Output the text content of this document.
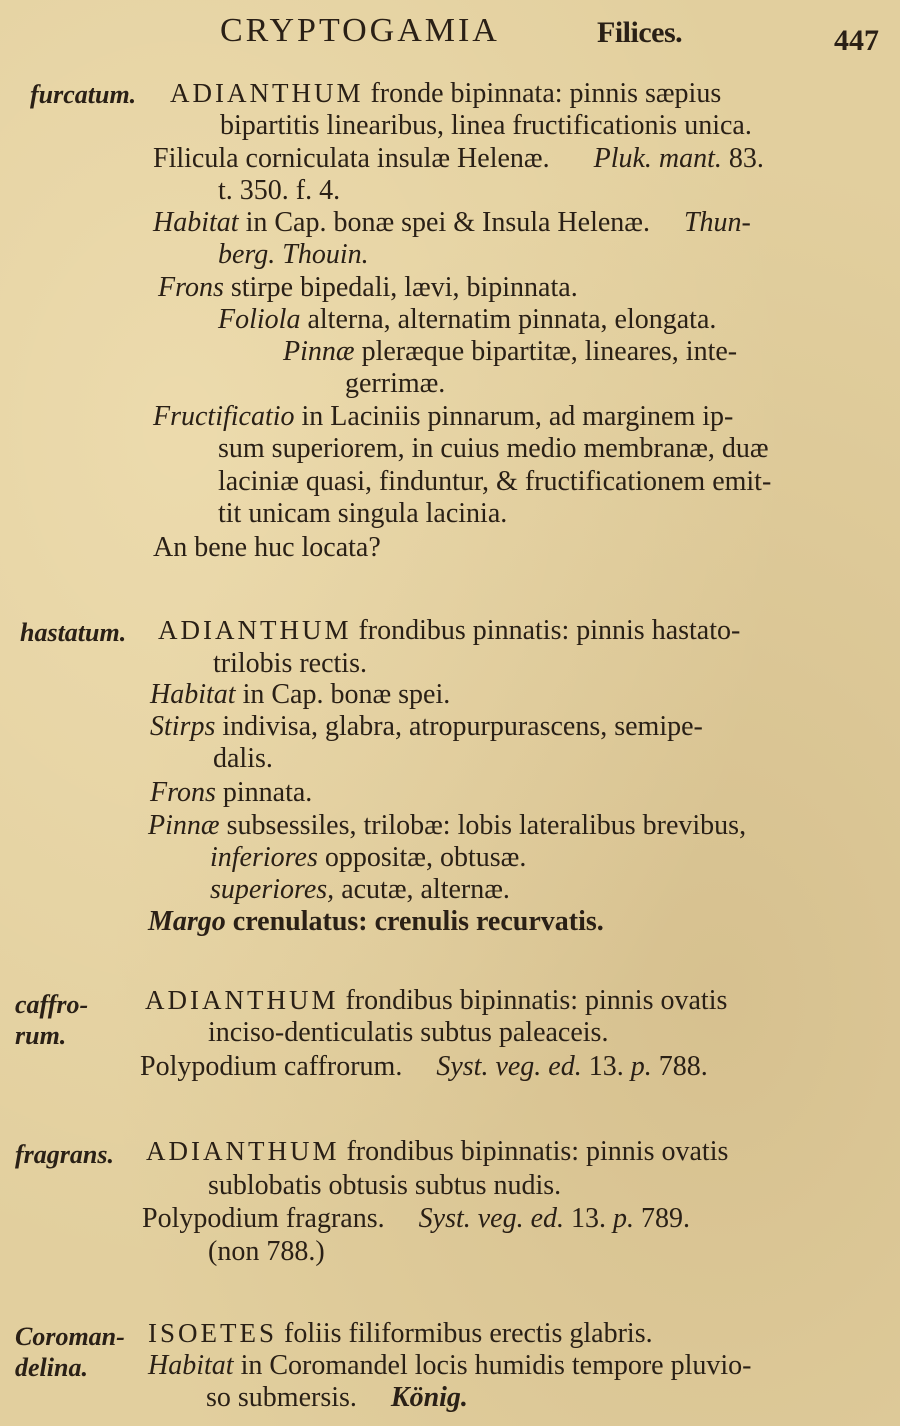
CRYPTOGAMIA	Filices.	447
furcatum. ADIANTHUM fronde bipinnata: pinnis sæpius
bipartitis linearibus, linea fructificationis unica.
Filicula corniculata insulæ Helenæ. Pluk. mant. 83.
t. 350. f. 4.
Habitat in Cap. bonæ spei & Insula Helenæ. Thun-
berg. Thouin.
Frons stirpe bipedali, lævi, bipinnata.
Foliola alterna, alternatim pinnata, elongata.
Pinnæ pleræque bipartitæ, lineares, inte-
gerrimæ.
Fructificatio in Laciniis pinnarum, ad marginem ip-
sum superiorem, in cuius medio membranæ, duæ
laciniæ quasi, finduntur, & fructificationem emit-
tit unicam singula lacinia.
An bene huc locata?
hastatum. ADIANTHUM frondibus pinnatis: pinnis hastato-
trilobis rectis.
Habitat in Cap. bonæ spei.
Stirps indivisa, glabra, atropurpurascens, semipe-
dalis.
Frons pinnata.
Pinnæ subsessiles, trilobæ: lobis lateralibus brevibus,
inferiores oppositæ, obtusæ.
superiores, acutæ, alternæ.
Margo crenulatus: crenulis recurvatis.
caffro-
rum.
ADIANTHUM frondibus bipinnatis: pinnis ovatis
inciso-denticulatis subtus paleaceis.
Polypodium caffrorum. Syst. veg. ed. 13. p. 788.
fragrans. ADIANTHUM frondibus bipinnatis: pinnis ovatis
sublobatis obtusis subtus nudis.
Polypodium fragrans. Syst. veg. ed. 13. p. 789.
(non 788.)
Coroman-
delina.
ISOETES foliis filiformibus erectis glabris.
Habitat in Coromandel locis humidis tempore pluvio-
so submersis. König.
